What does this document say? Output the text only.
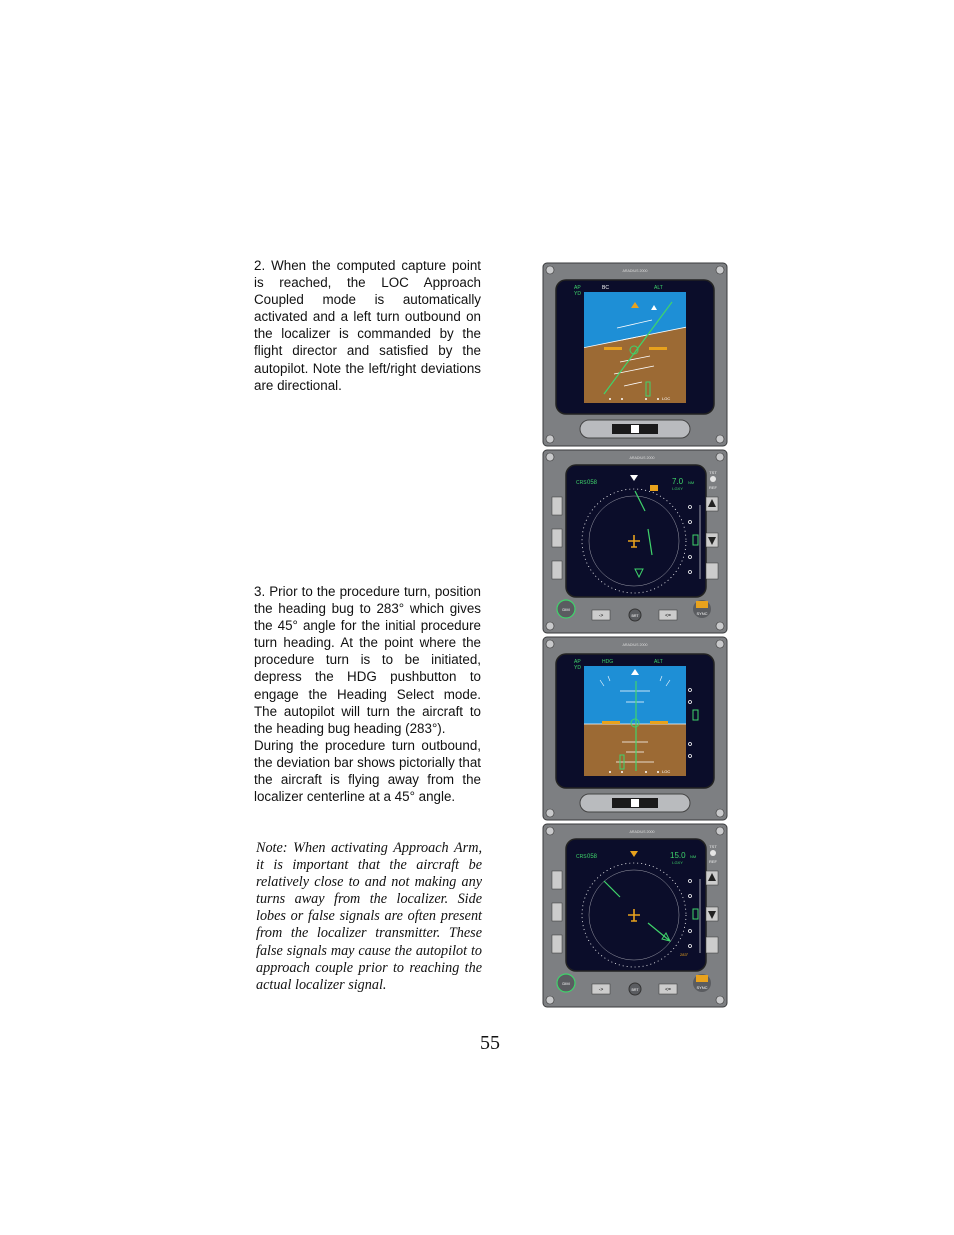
2. When the computed capture point is reached, the LOC Approach Coupled mode is automatically activated and a left turn outbound on the localizer is commanded by the flight director and satisfied by the autopilot. Note the left/right deviations are directional.
3. Prior to the procedure turn, position the heading bug to 283° which gives the 45° angle for the initial procedure turn heading. At the point where the procedure turn is to be initiated, depress the HDG pushbutton to engage the Heading Select mode. The autopilot will turn the aircraft to the heading bug heading (283°).
During the procedure turn outbound, the deviation bar shows pictorially that the aircraft is flying away from the localizer centerline at a 45° angle.
Note: When activating Approach Arm, it is important that the aircraft be relatively close to and not making any turns away from the localizer. Side lobes or false signals are often present from the localizer transmitter. These false signals may cause the autopilot to approach couple prior to reaching the actual localizer signal.
55
ARADIUS 2000
AP
YD
BC	ALT
LOC
ARADIUS 2000
CRS 058	7.0 NM
I-GXY
TST
REF
DIM
->	BRT	<=	SYNC
ARADIUS 2000
AP
YD
HDG	ALT
LOC
ARADIUS 2000
CRS 058	15.0 NM
I-GXY
283°
TST
REF
DIM
->	BRT	<=	SYNC
